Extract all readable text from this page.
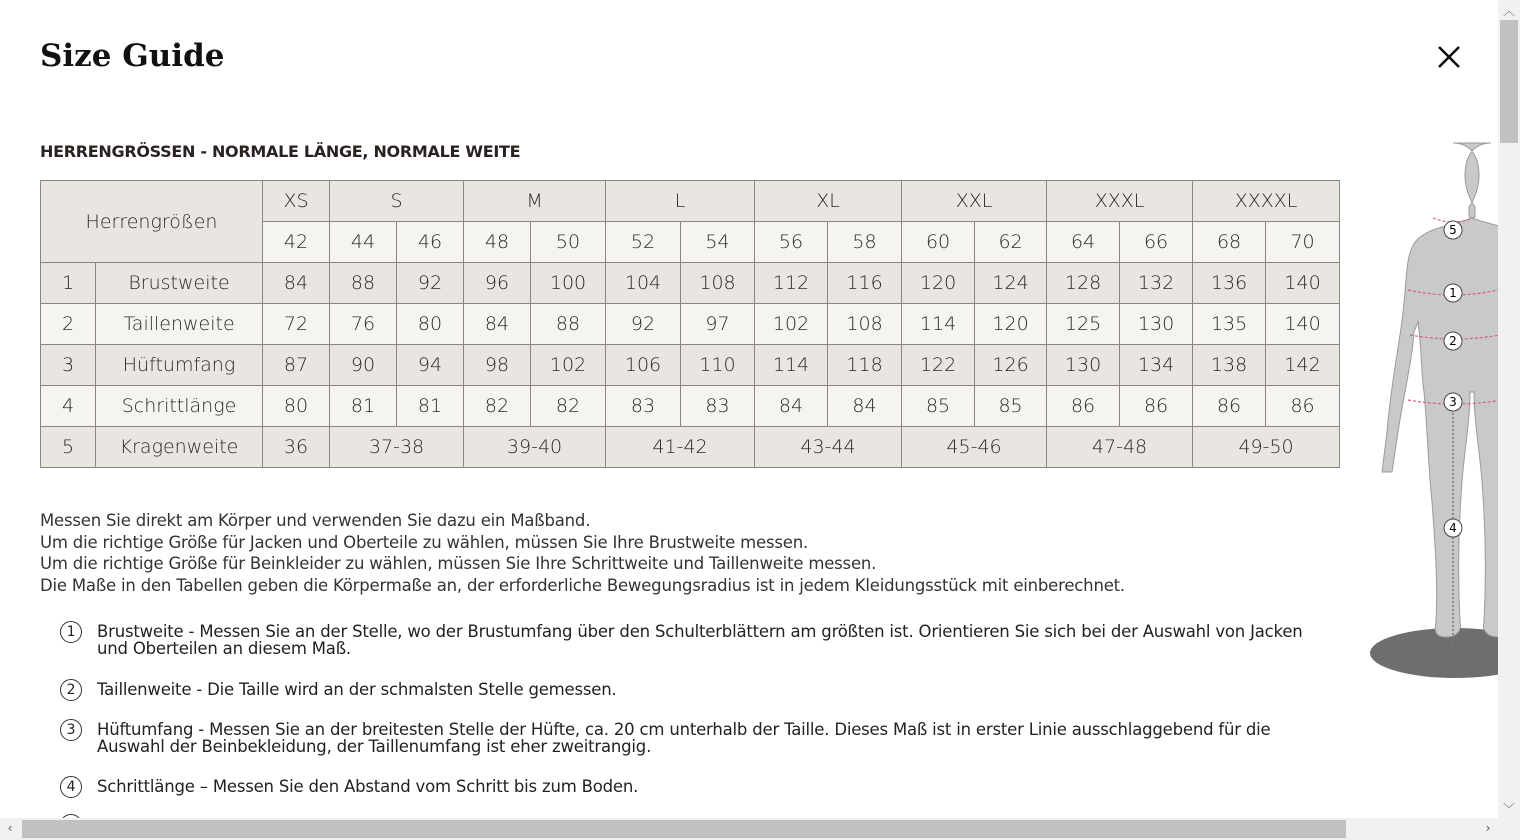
Size Guide
HERRENGRÖSSEN - NORMALE LÄNGE, NORMALE WEITE
Herrengrößen		XS	S		M		L		XL		XXL		XXXL		XXXXL	
		42	44	46	48	50	52	54	56	58	60	62	64	66	68	70
1	Brustweite	84	88	92	96	100	104	108	112	116	120	124	128	132	136	140
2	Taillenweite	72	76	80	84	88	92	97	102	108	114	120	125	130	135	140
3	Hüftumfang	87	90	94	98	102	106	110	114	118	122	126	130	134	138	142
4	Schrittlänge	80	81	81	82	82	83	83	84	84	85	85	86	86	86	86
5	Kragenweite	36	37-38		39-40		41-42		43-44		45-46		47-48		49-50	
Messen Sie direkt am Körper und verwenden Sie dazu ein Maßband.
Um die richtige Größe für Jacken und Oberteile zu wählen, müssen Sie Ihre Brustweite messen.
Um die richtige Größe für Beinkleider zu wählen, müssen Sie Ihre Schrittweite und Taillenweite messen.
Die Maße in den Tabellen geben die Körpermaße an, der erforderliche Bewegungsradius ist in jedem Kleidungsstück mit einberechnet.
1	Brustweite - Messen Sie an der Stelle, wo der Brustumfang über den Schulterblättern am größten ist. Orientieren Sie sich bei der Auswahl von Jacken und Oberteilen an diesem Maß.
2	Taillenweite - Die Taille wird an der schmalsten Stelle gemessen.
3	Hüftumfang - Messen Sie an der breitesten Stelle der Hüfte, ca. 20 cm unterhalb der Taille. Dieses Maß ist in erster Linie ausschlaggebend für die Auswahl der Beinbekleidung, der Taillenumfang ist eher zweitrangig.
4	Schrittlänge – Messen Sie den Abstand vom Schritt bis zum Boden.
5
1
2
3
4
︿
﹀
‹	›
